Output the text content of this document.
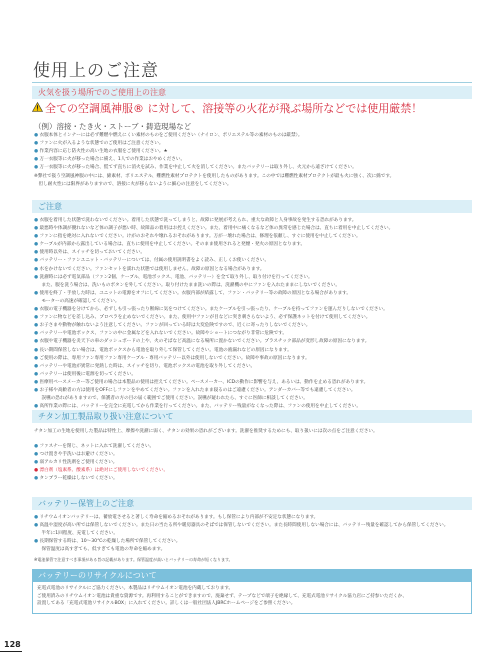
使用上のご注意
火気を扱う場所でのご使用上の注意
全ての空調風神服® に対して、溶接等の火花が飛ぶ場所などでは使用厳禁！
（例）溶接・たき火・ストーブ・鋳造現場など
● 衣服本体とインナーには必ず難燃や燃えにくい素材のものをご使用ください（ナイロン、ポリエステル等の素材のものは厳禁）。
● ファンに火が入るような状態でのご使用はご注意ください。
● 作業内容に応じ防火性の高い生地の衣服をご使用ください。★
● 万一衣服等に火が移った場合に備え、1人での作業はおやめください。
● 万一衣服等に火が移った場合、慌てず直ちに消火を試み、作業を中止して火を消してください。またバッテリーは取り外し、火元から遠ざけてください。
※弊社で扱う空調風神服の中には、綿素材、ポリエステル、難燃性素材プロテクトを使用したものがあります。この中では難燃性素材プロテクトが最も火に強く、次に綿です。
　但し耐火性には限界がありますので、溶接に火が移らないように細心の注意をしてください。
ご注意
● 衣服を着用した状態で洗わないでください。着用した状態で洗ってしまうと、故障に発展が考えられ、重大な故障と人身事故を発生する恐れがあります。
● 最悪時や体調が優れないなど体の調子が悪い時、故障品の着用はお控えください。また、着用中に痛くなるなど体の異常を感じた場合は、直ちに着用を中止してください。
● ファンに指を絶対に入れないでください。けがのおそれや壊れるおそれがあります。万が一壊れた場合は、修理を依頼し、すぐに使用を中止してください。
● ケーブルが内部から露出している場合は、直ちに使用を中止してください。そのまま使用されると発煙・発火の原因となります。
● 使用時以外は、スイッチを切っておいてください。
● バッテリー・ファンユニット・バッテリーについては、付属の使用説明書をよく読み、正しくお使いください。
● 水をかけないでください。ファンセットを濡れた状態では使用しません。故障の原因となる場合があります。
● 洗濯時には必ず電気部品（ファン2個、ケーブル、電池ボックス、電池、バッテリー）を全て取り外し、取り付けを行ってください。
　また、服を洗う場合は、洗いものボタンを外してください。取り付けたまま洗いの際は、洗濯機の中にファンを入れたままにしないでください。
● 使用を終了・手放した時は、ユニットの電源をオフにしてください。衣服内部が結露して、ファン・バッテリー等の故障の原因となる場合があります。
　モーターの高速が確認してください。
● 衣服の電子機器を分けてから、必ずしも引っ張ったり断線に気をつけてください。またケーブルを引っ張ったり、ケーブルを持ってファンを運んだりしないでください。
● ファンに物などを差し込み、プロペラを止めないでください。また、使用中ファンが目などに突き刺さらないよう、必ず保護ネットを付けて使用してください。
● お子さまや動物が触れないよう注意してください。ファンが回っている時は大変危険ですので、近くに寄ったりしないでください。
● バッテリーや電池ボックス、ファンの中に金属などを入れないでください。故障やショートにつながり非常に危険です。
● 衣服や電子機器を炎天下の車のダッシュボードの上や、火のそばなど高温になる場所に置かないでください。プラスチック部品が変形し故障の原因になります。
● 長い期間保管しない場合は、電池ボックスから電池を取り外して保管してください。電池の液漏れなどの原因になります。
● ご使用の際は、専用ファン専用ファン専用ケーブル・専用バッテリー以外は使用しないでください。故障や事故の原因になります。
● バッテリーや電池が異常に発熱した時は、スイッチを切り、電池ボックスの電池を取り外してください。
● バッテリーは使用後に電源を切ってください。
● 医療用ペースメーカー等ご使用の場合は本製品の使用は控えてください。ペースメーカー、ICDの動作に影響を与え、あるいは、動作を止める恐れがあります。
● お子様や高齢者の方は使用をOFFにしファンをやめてください。ファンを入れたまま寝るのはご遠慮ください。アンダーカバー等でも遠慮してください。
　誤嚥の恐れがありますので、保護者の方の目の届く範囲でご使用ください。誤嚥が疑われたら、すぐに医師に相談してください。
● 高所作業の際には、バッテリーを完全に充電してから作業を行ってください。また、バッテリー残量がなくなった際は、ファンの使用を中止してください。
チタン加工製品取り扱い注意について
チタン加工の生地を使用した製品は特性上、摩擦や洗濯に弱く、チタンの効果の恐れがございます。洗濯を推奨するためにも、取り扱いには次の点をご注意ください。
● ファスナーを閉じ、ネットに入れて洗濯してください。
● つけ置きや手洗いはお避けください。
● 弱アルカリ性洗剤をご使用ください。
● 漂白剤（塩素系、酸素系）は絶対にご使用しないでください。
● タンブラー乾燥はしないでください。
バッテリー保管上のご注意
● リチウムイオンバッテリーは、蓄放電させると著しく寿命を縮めるおそれがあります。もし保管により内部が不安定な状態になります。
● 高温や湿度が高い所では保管しないでください。また日の当たる所や暖房器具のそばでは保管しないでください。また長時間使用しない場合には、バッテリー残量を確認してから保管してください。
　半年に1回程度、充電してください。
● 長期保管する時は、10〜30℃の乾燥した場所で保管してください。
　保管温度は高すぎても、低すぎても電池の寿命を縮めます。
※電池保管で注意すべき事項がある旨の記載があります。保管温度が高いとバッテリーの寿命が短くなります。
バッテリーのリサイクルについて

充電式電池のリサイクルにご協力ください。本製品はリチウムイオン電池を内蔵しております。

ご使用済みのリチウムイオン電池は貴重な資源です。再利用することができますので、廃棄せず、テープなどで端子を絶縁して、充電式電池リサイクル協力店にご持参いただくか、

設置してある「充電式電池リサイクルBOX」に入れてください。詳しくは一般社団法人JBRCホームページをご参照ください。

128
